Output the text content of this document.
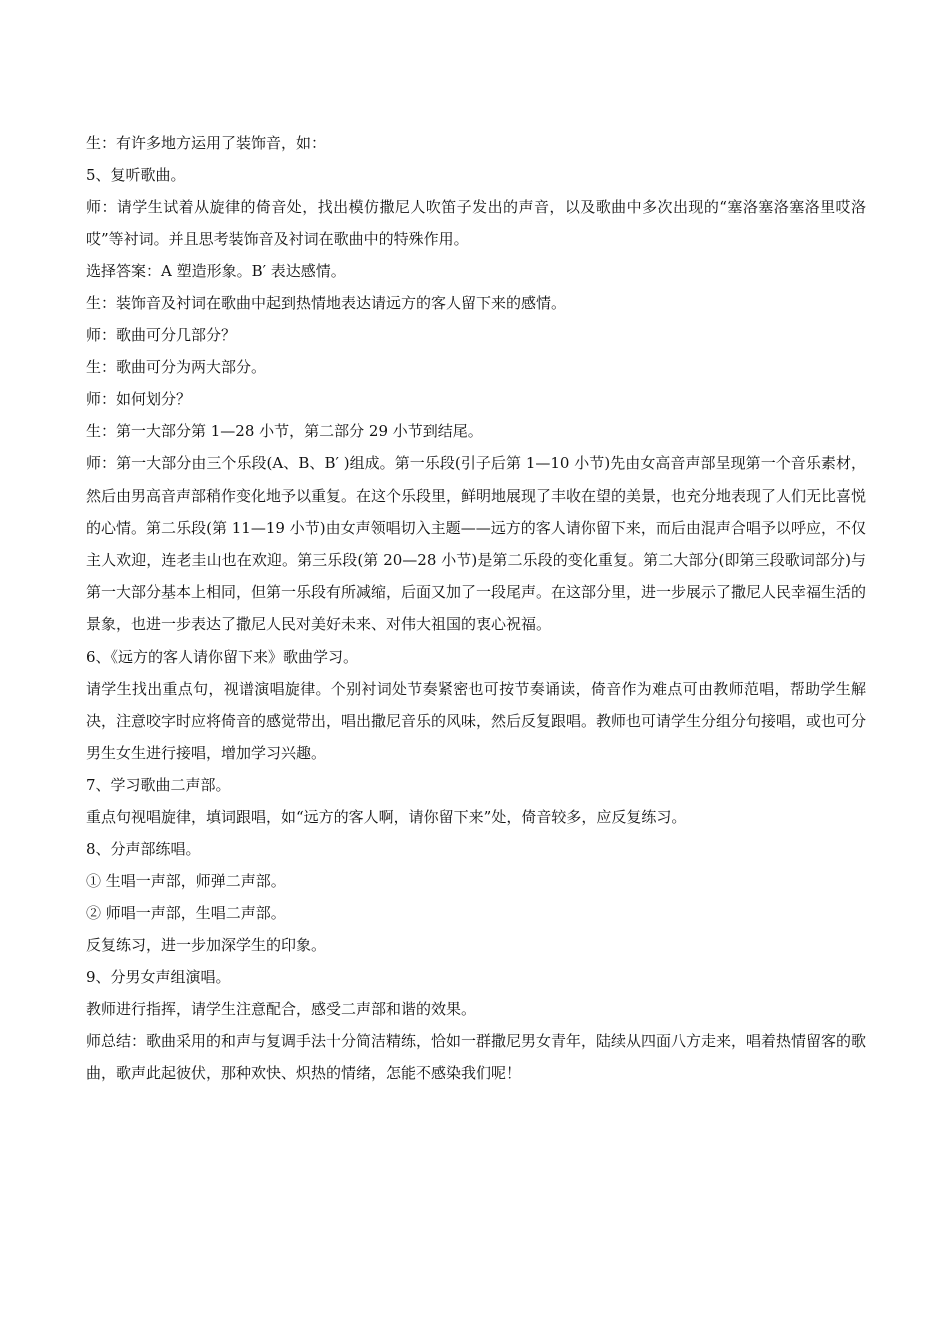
生：有许多地方运用了装饰音，如：

5、复听歌曲。

师：请学生试着从旋律的倚音处，找出模仿撒尼人吹笛子发出的声音，以及歌曲中多次出现的“塞洛塞洛塞洛里哎洛哎”等衬词。并且思考装饰音及衬词在歌曲中的特殊作用。

选择答案：A 塑造形象。B′ 表达感情。

生：装饰音及衬词在歌曲中起到热情地表达请远方的客人留下来的感情。

师：歌曲可分几部分？

生：歌曲可分为两大部分。

师：如何划分？

生：第一大部分第 1—28 小节，第二部分 29 小节到结尾。

师：第一大部分由三个乐段(A、B、B′ )组成。第一乐段(引子后第 1—10 小节)先由女高音声部呈现第一个音乐素材，然后由男高音声部稍作变化地予以重复。在这个乐段里，鲜明地展现了丰收在望的美景，也充分地表现了人们无比喜悦的心情。第二乐段(第 11—19 小节)由女声领唱切入主题——远方的客人请你留下来，而后由混声合唱予以呼应，不仅主人欢迎，连老圭山也在欢迎。第三乐段(第 20—28 小节)是第二乐段的变化重复。第二大部分(即第三段歌词部分)与第一大部分基本上相同，但第一乐段有所减缩，后面又加了一段尾声。在这部分里，进一步展示了撒尼人民幸福生活的景象，也进一步表达了撒尼人民对美好未来、对伟大祖国的衷心祝福。

6、《远方的客人请你留下来》歌曲学习。

请学生找出重点句，视谱演唱旋律。个别衬词处节奏紧密也可按节奏诵读，倚音作为难点可由教师范唱，帮助学生解决，注意咬字时应将倚音的感觉带出，唱出撒尼音乐的风味，然后反复跟唱。教师也可请学生分组分句接唱，或也可分男生女生进行接唱，增加学习兴趣。

7、学习歌曲二声部。

重点句视唱旋律，填词跟唱，如“远方的客人啊，请你留下来”处，倚音较多，应反复练习。

8、分声部练唱。

① 生唱一声部，师弹二声部。

② 师唱一声部，生唱二声部。

反复练习，进一步加深学生的印象。

9、分男女声组演唱。

教师进行指挥，请学生注意配合，感受二声部和谐的效果。

师总结：歌曲采用的和声与复调手法十分简洁精练，恰如一群撒尼男女青年，陆续从四面八方走来，唱着热情留客的歌曲，歌声此起彼伏，那种欢快、炽热的情绪，怎能不感染我们呢！
